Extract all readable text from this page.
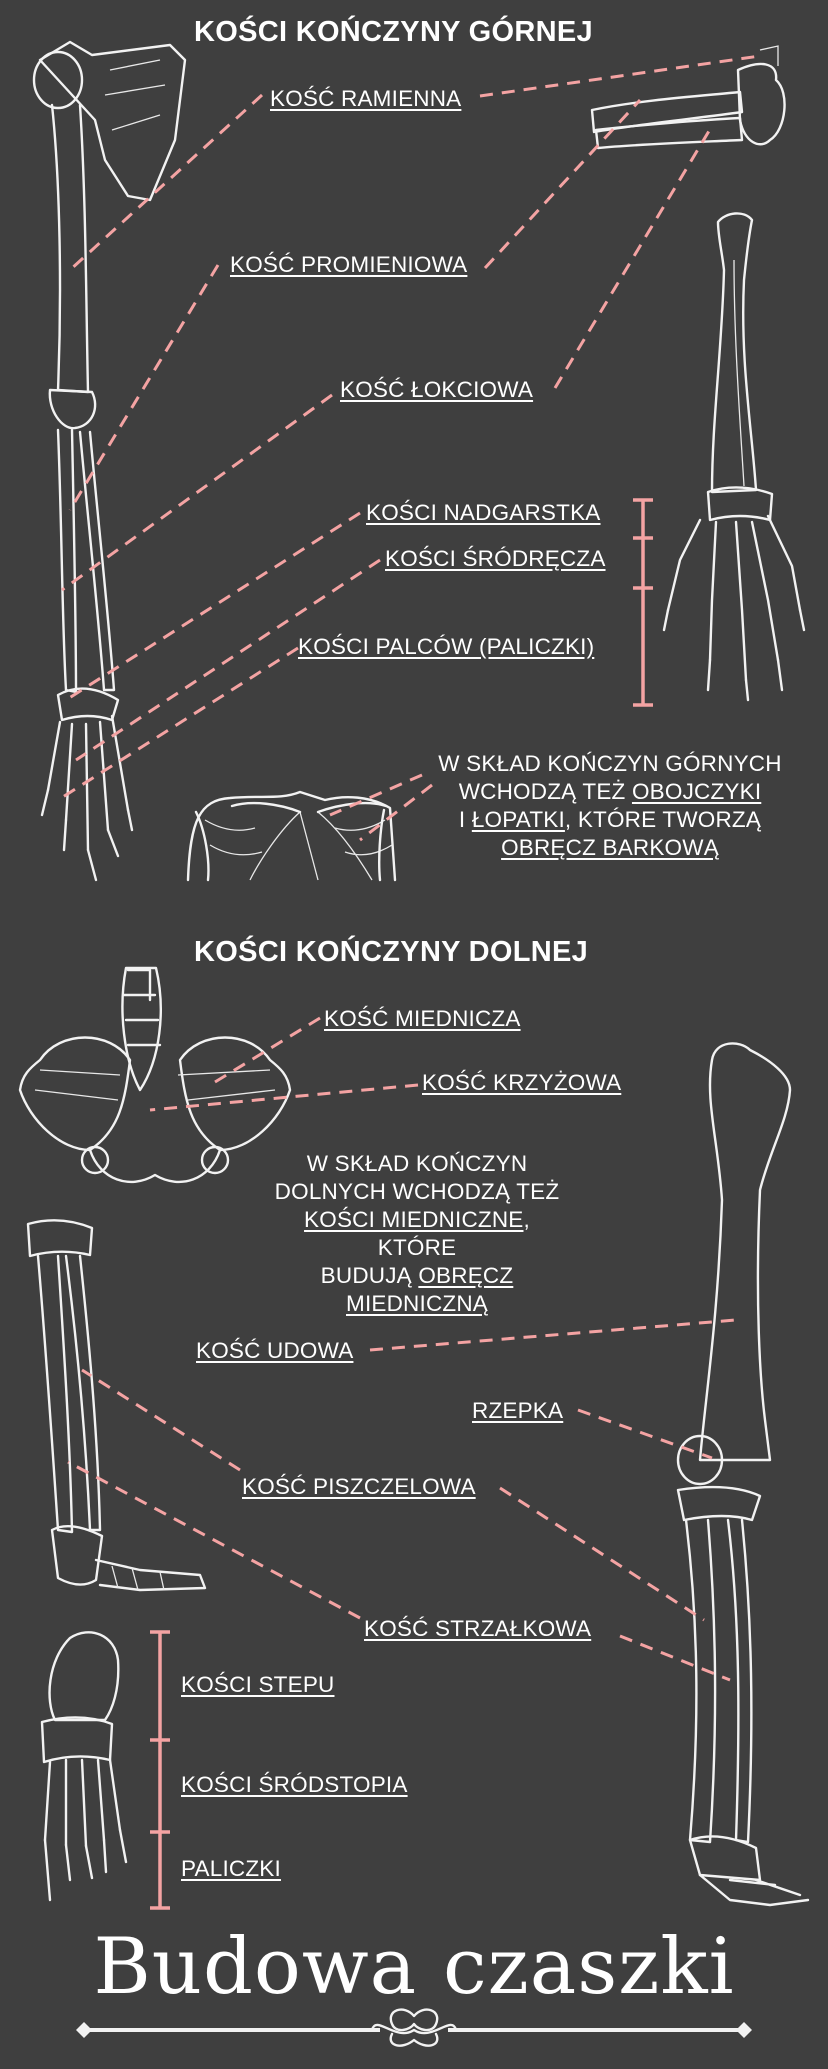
KOŚCI KOŃCZYNY GÓRNEJ
KOŚĆ RAMIENNA
KOŚĆ PROMIENIOWA
KOŚĆ ŁOKCIOWA
KOŚCI NADGARSTKA
KOŚCI ŚRÓDRĘCZA
KOŚCI PALCÓW (PALICZKI)
W SKŁAD KOŃCZYN GÓRNYCH
WCHODZĄ TEŻ OBOJCZYKI
I ŁOPATKI, KTÓRE TWORZĄ
OBRĘCZ BARKOWĄ
KOŚCI KOŃCZYNY DOLNEJ
KOŚĆ MIEDNICZA
KOŚĆ KRZYŻOWA
W SKŁAD KOŃCZYN
DOLNYCH WCHODZĄ TEŻ
KOŚCI MIEDNICZNE, KTÓRE
BUDUJĄ OBRĘCZ
MIEDNICZNĄ
KOŚĆ UDOWA
RZEPKA
KOŚĆ PISZCZELOWA
KOŚĆ STRZAŁKOWA
KOŚCI STEPU
KOŚCI ŚRÓDSTOPIA
PALICZKI
Budowa czaszki
